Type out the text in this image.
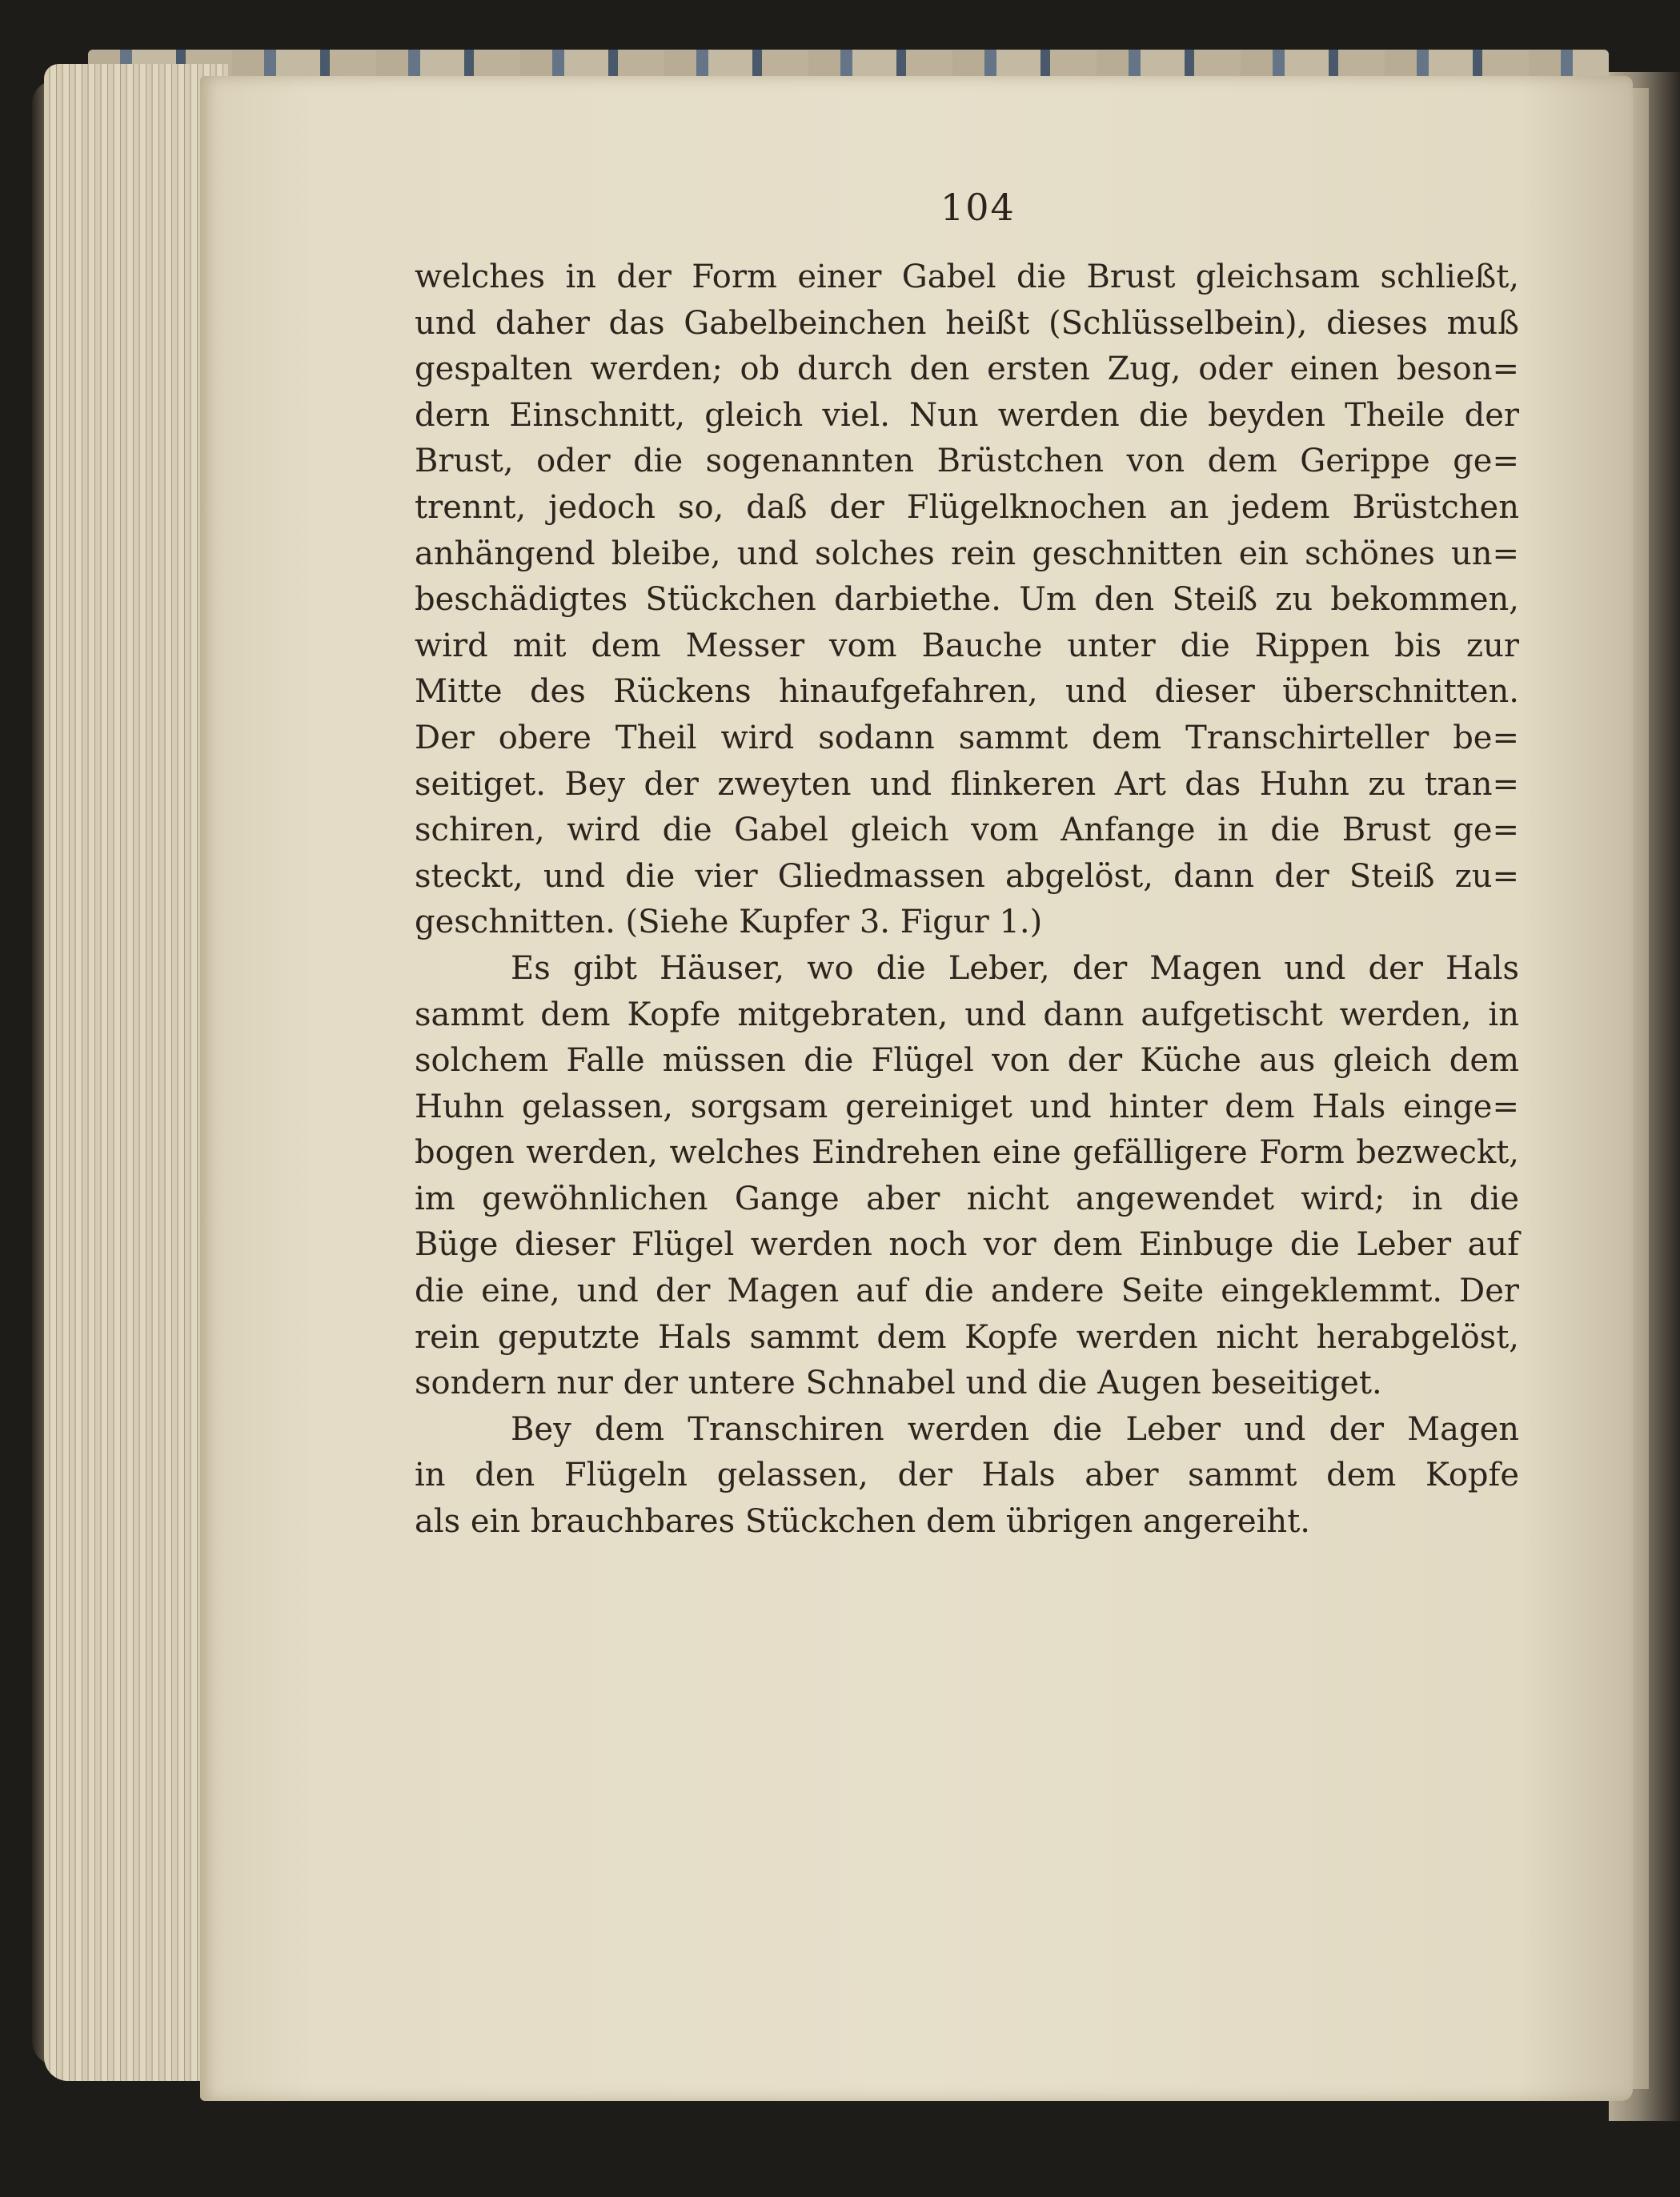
104

welches in der Form einer Gabel die Brust gleichsam schließt,
und daher das Gabelbeinchen heißt (Schlüsselbein), dieses muß
gespalten werden; ob durch den ersten Zug, oder einen beson=
dern Einschnitt, gleich viel. Nun werden die beyden Theile der
Brust, oder die sogenannten Brüstchen von dem Gerippe ge=
trennt, jedoch so, daß der Flügelknochen an jedem Brüstchen
anhängend bleibe, und solches rein geschnitten ein schönes un=
beschädigtes Stückchen darbiethe. Um den Steiß zu bekommen,
wird mit dem Messer vom Bauche unter die Rippen bis zur
Mitte des Rückens hinaufgefahren, und dieser überschnitten.
Der obere Theil wird sodann sammt dem Transchirteller be=
seitiget. Bey der zweyten und flinkeren Art das Huhn zu tran=
schiren, wird die Gabel gleich vom Anfange in die Brust ge=
steckt, und die vier Gliedmassen abgelöst, dann der Steiß zu=
geschnitten. (Siehe Kupfer 3. Figur 1.)

Es gibt Häuser, wo die Leber, der Magen und der Hals
sammt dem Kopfe mitgebraten, und dann aufgetischt werden, in
solchem Falle müssen die Flügel von der Küche aus gleich dem
Huhn gelassen, sorgsam gereiniget und hinter dem Hals einge=
bogen werden, welches Eindrehen eine gefälligere Form bezweckt,
im gewöhnlichen Gange aber nicht angewendet wird; in die
Büge dieser Flügel werden noch vor dem Einbuge die Leber auf
die eine, und der Magen auf die andere Seite eingeklemmt. Der
rein geputzte Hals sammt dem Kopfe werden nicht herabgelöst,
sondern nur der untere Schnabel und die Augen beseitiget.

Bey dem Transchiren werden die Leber und der Magen
in den Flügeln gelassen, der Hals aber sammt dem Kopfe
als ein brauchbares Stückchen dem übrigen angereiht.
